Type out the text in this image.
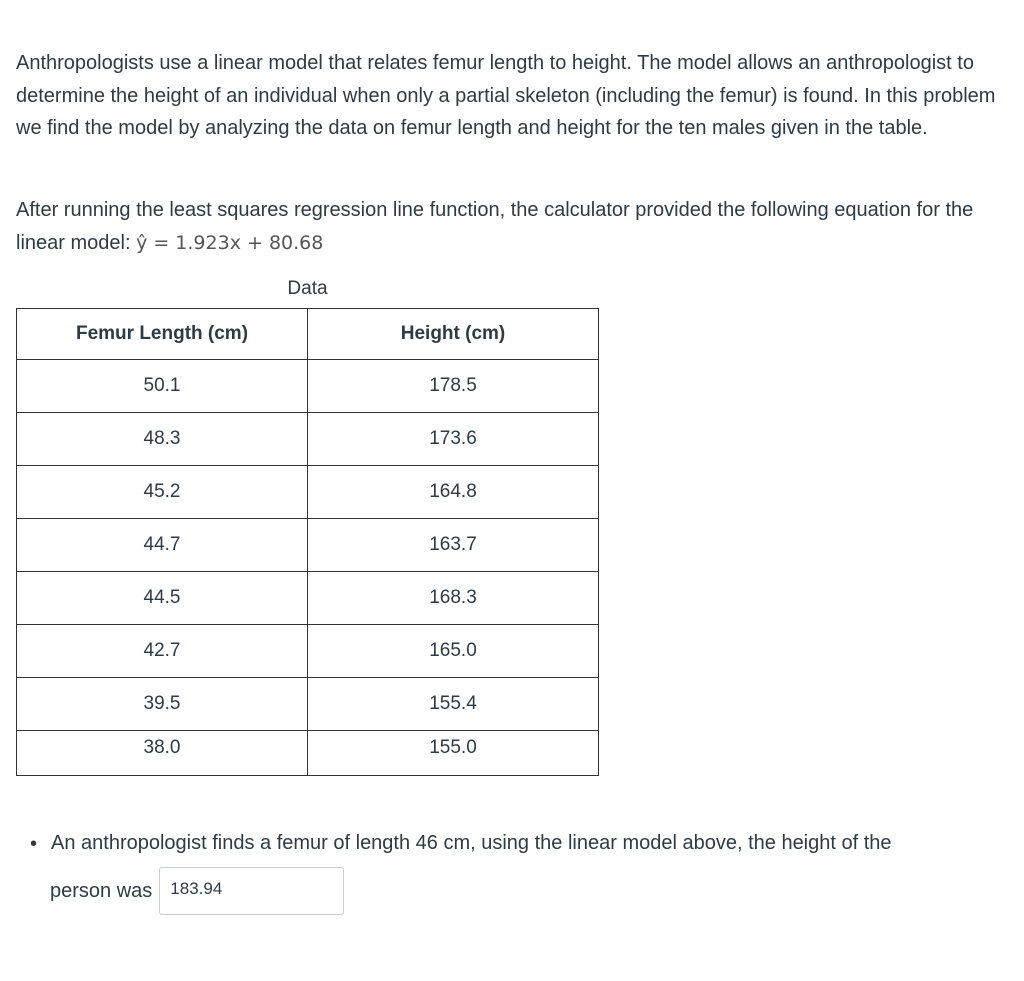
Anthropologists use a linear model that relates femur length to height. The model allows an anthropologist to determine the height of an individual when only a partial skeleton (including the femur) is found. In this problem we find the model by analyzing the data on femur length and height for the ten males given in the table.

After running the least squares regression line function, the calculator provided the following equation for the linear model: ŷ = 1.923x + 80.68

Data
Femur Length (cm)	Height (cm)
50.1	178.5
48.3	173.6
45.2	164.8
44.7	163.7
44.5	168.3
42.7	165.0
39.5	155.4
38.0	155.0
• An anthropologist finds a femur of length 46 cm, using the linear model above, the height of the
person was	183.94
